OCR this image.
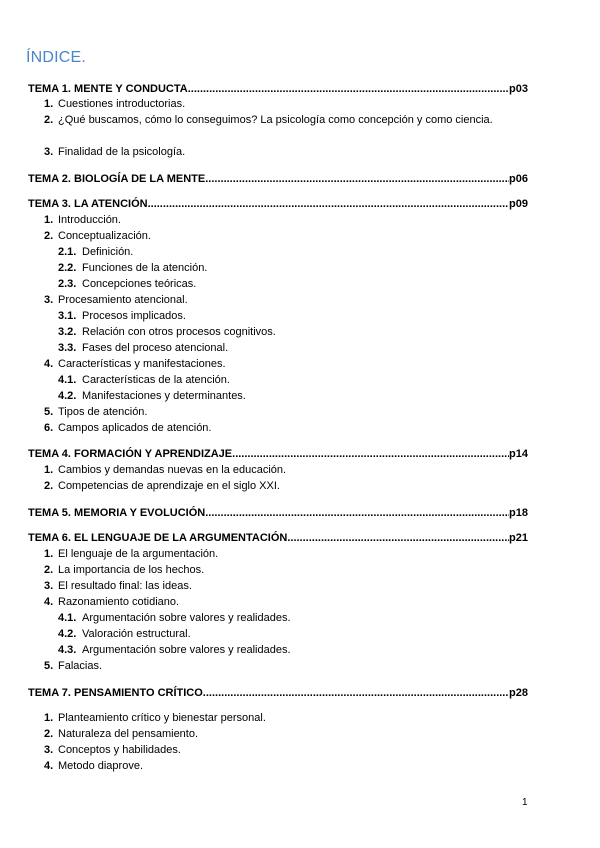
ÍNDICE.
TEMA 1. MENTE Y CONDUCTA .....	p03
1. Cuestiones introductorias.
2. ¿Qué buscamos, cómo lo conseguimos? La psicología como concepción y como ciencia.
3. Finalidad de la psicología.
TEMA 2. BIOLOGÍA DE LA MENTE .....	p06
TEMA 3. LA ATENCIÓN .....	p09
1. Introducción.
2. Conceptualización.
2.1. Definición.
2.2. Funciones de la atención.
2.3. Concepciones teóricas.
3. Procesamiento atencional.
3.1. Procesos implicados.
3.2. Relación con otros procesos cognitivos.
3.3. Fases del proceso atencional.
4. Características y manifestaciones.
4.1. Características de la atención.
4.2. Manifestaciones y determinantes.
5. Tipos de atención.
6. Campos aplicados de atención.
TEMA 4. FORMACIÓN Y APRENDIZAJE .....	p14
1. Cambios y demandas nuevas en la educación.
2. Competencias de aprendizaje en el siglo XXI.
TEMA 5. MEMORIA Y EVOLUCIÓN .....	p18
TEMA 6. EL LENGUAJE DE LA ARGUMENTACIÓN .....	p21
1. El lenguaje de la argumentación.
2. La importancia de los hechos.
3. El resultado final: las ideas.
4. Razonamiento cotidiano.
4.1. Argumentación sobre valores y realidades.
4.2. Valoración estructural.
4.3. Argumentación sobre valores y realidades.
5. Falacias.
TEMA 7. PENSAMIENTO CRÍTICO .....	p28
1. Planteamiento crítico y bienestar personal.
2. Naturaleza del pensamiento.
3. Conceptos y habilidades.
4. Metodo diaprove.
1
